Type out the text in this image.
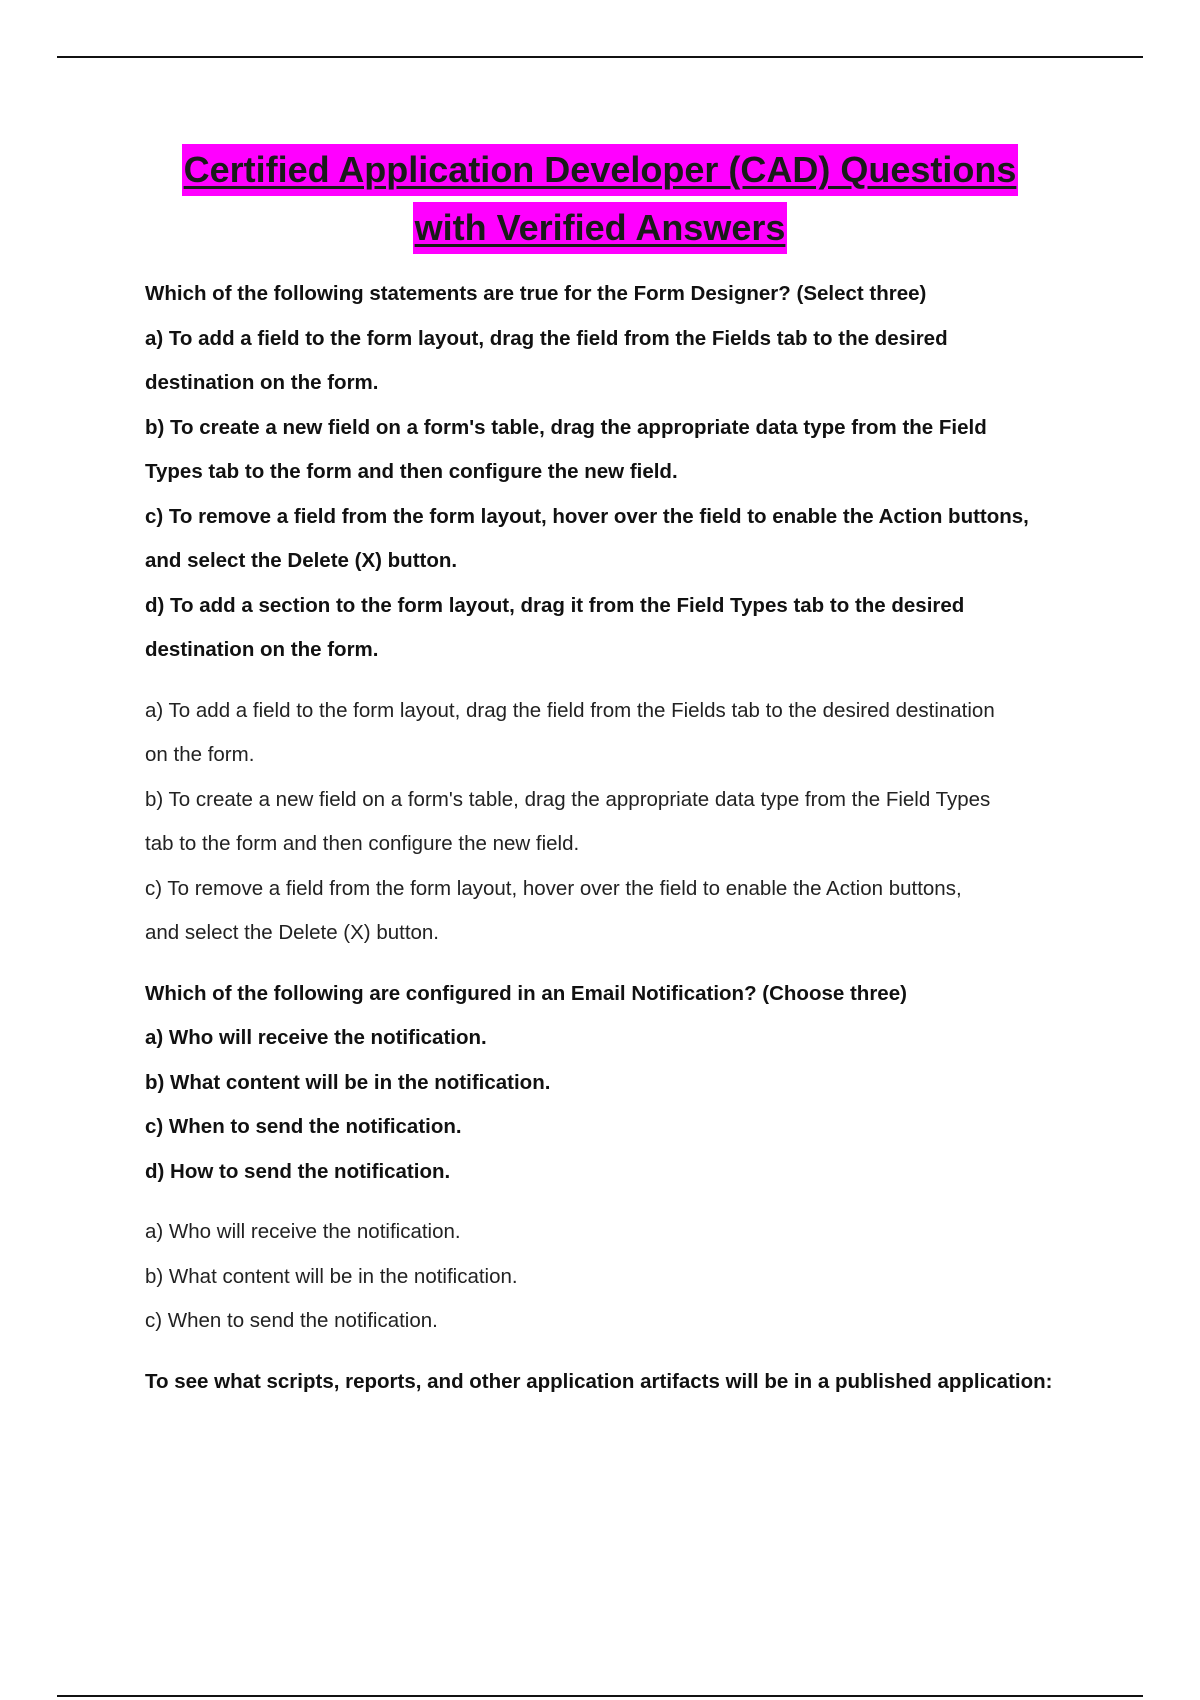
Certified Application Developer (CAD) Questions
with Verified Answers

Which of the following statements are true for the Form Designer? (Select three)

a) To add a field to the form layout, drag the field from the Fields tab to the desired

destination on the form.

b) To create a new field on a form's table, drag the appropriate data type from the Field

Types tab to the form and then configure the new field.

c) To remove a field from the form layout, hover over the field to enable the Action buttons,

and select the Delete (X) button.

d) To add a section to the form layout, drag it from the Field Types tab to the desired

destination on the form.

a) To add a field to the form layout, drag the field from the Fields tab to the desired destination

on the form.

b) To create a new field on a form's table, drag the appropriate data type from the Field Types

tab to the form and then configure the new field.

c) To remove a field from the form layout, hover over the field to enable the Action buttons,

and select the Delete (X) button.

Which of the following are configured in an Email Notification? (Choose three)

a) Who will receive the notification.

b) What content will be in the notification.

c) When to send the notification.

d) How to send the notification.

a) Who will receive the notification.

b) What content will be in the notification.

c) When to send the notification.

To see what scripts, reports, and other application artifacts will be in a published application:
